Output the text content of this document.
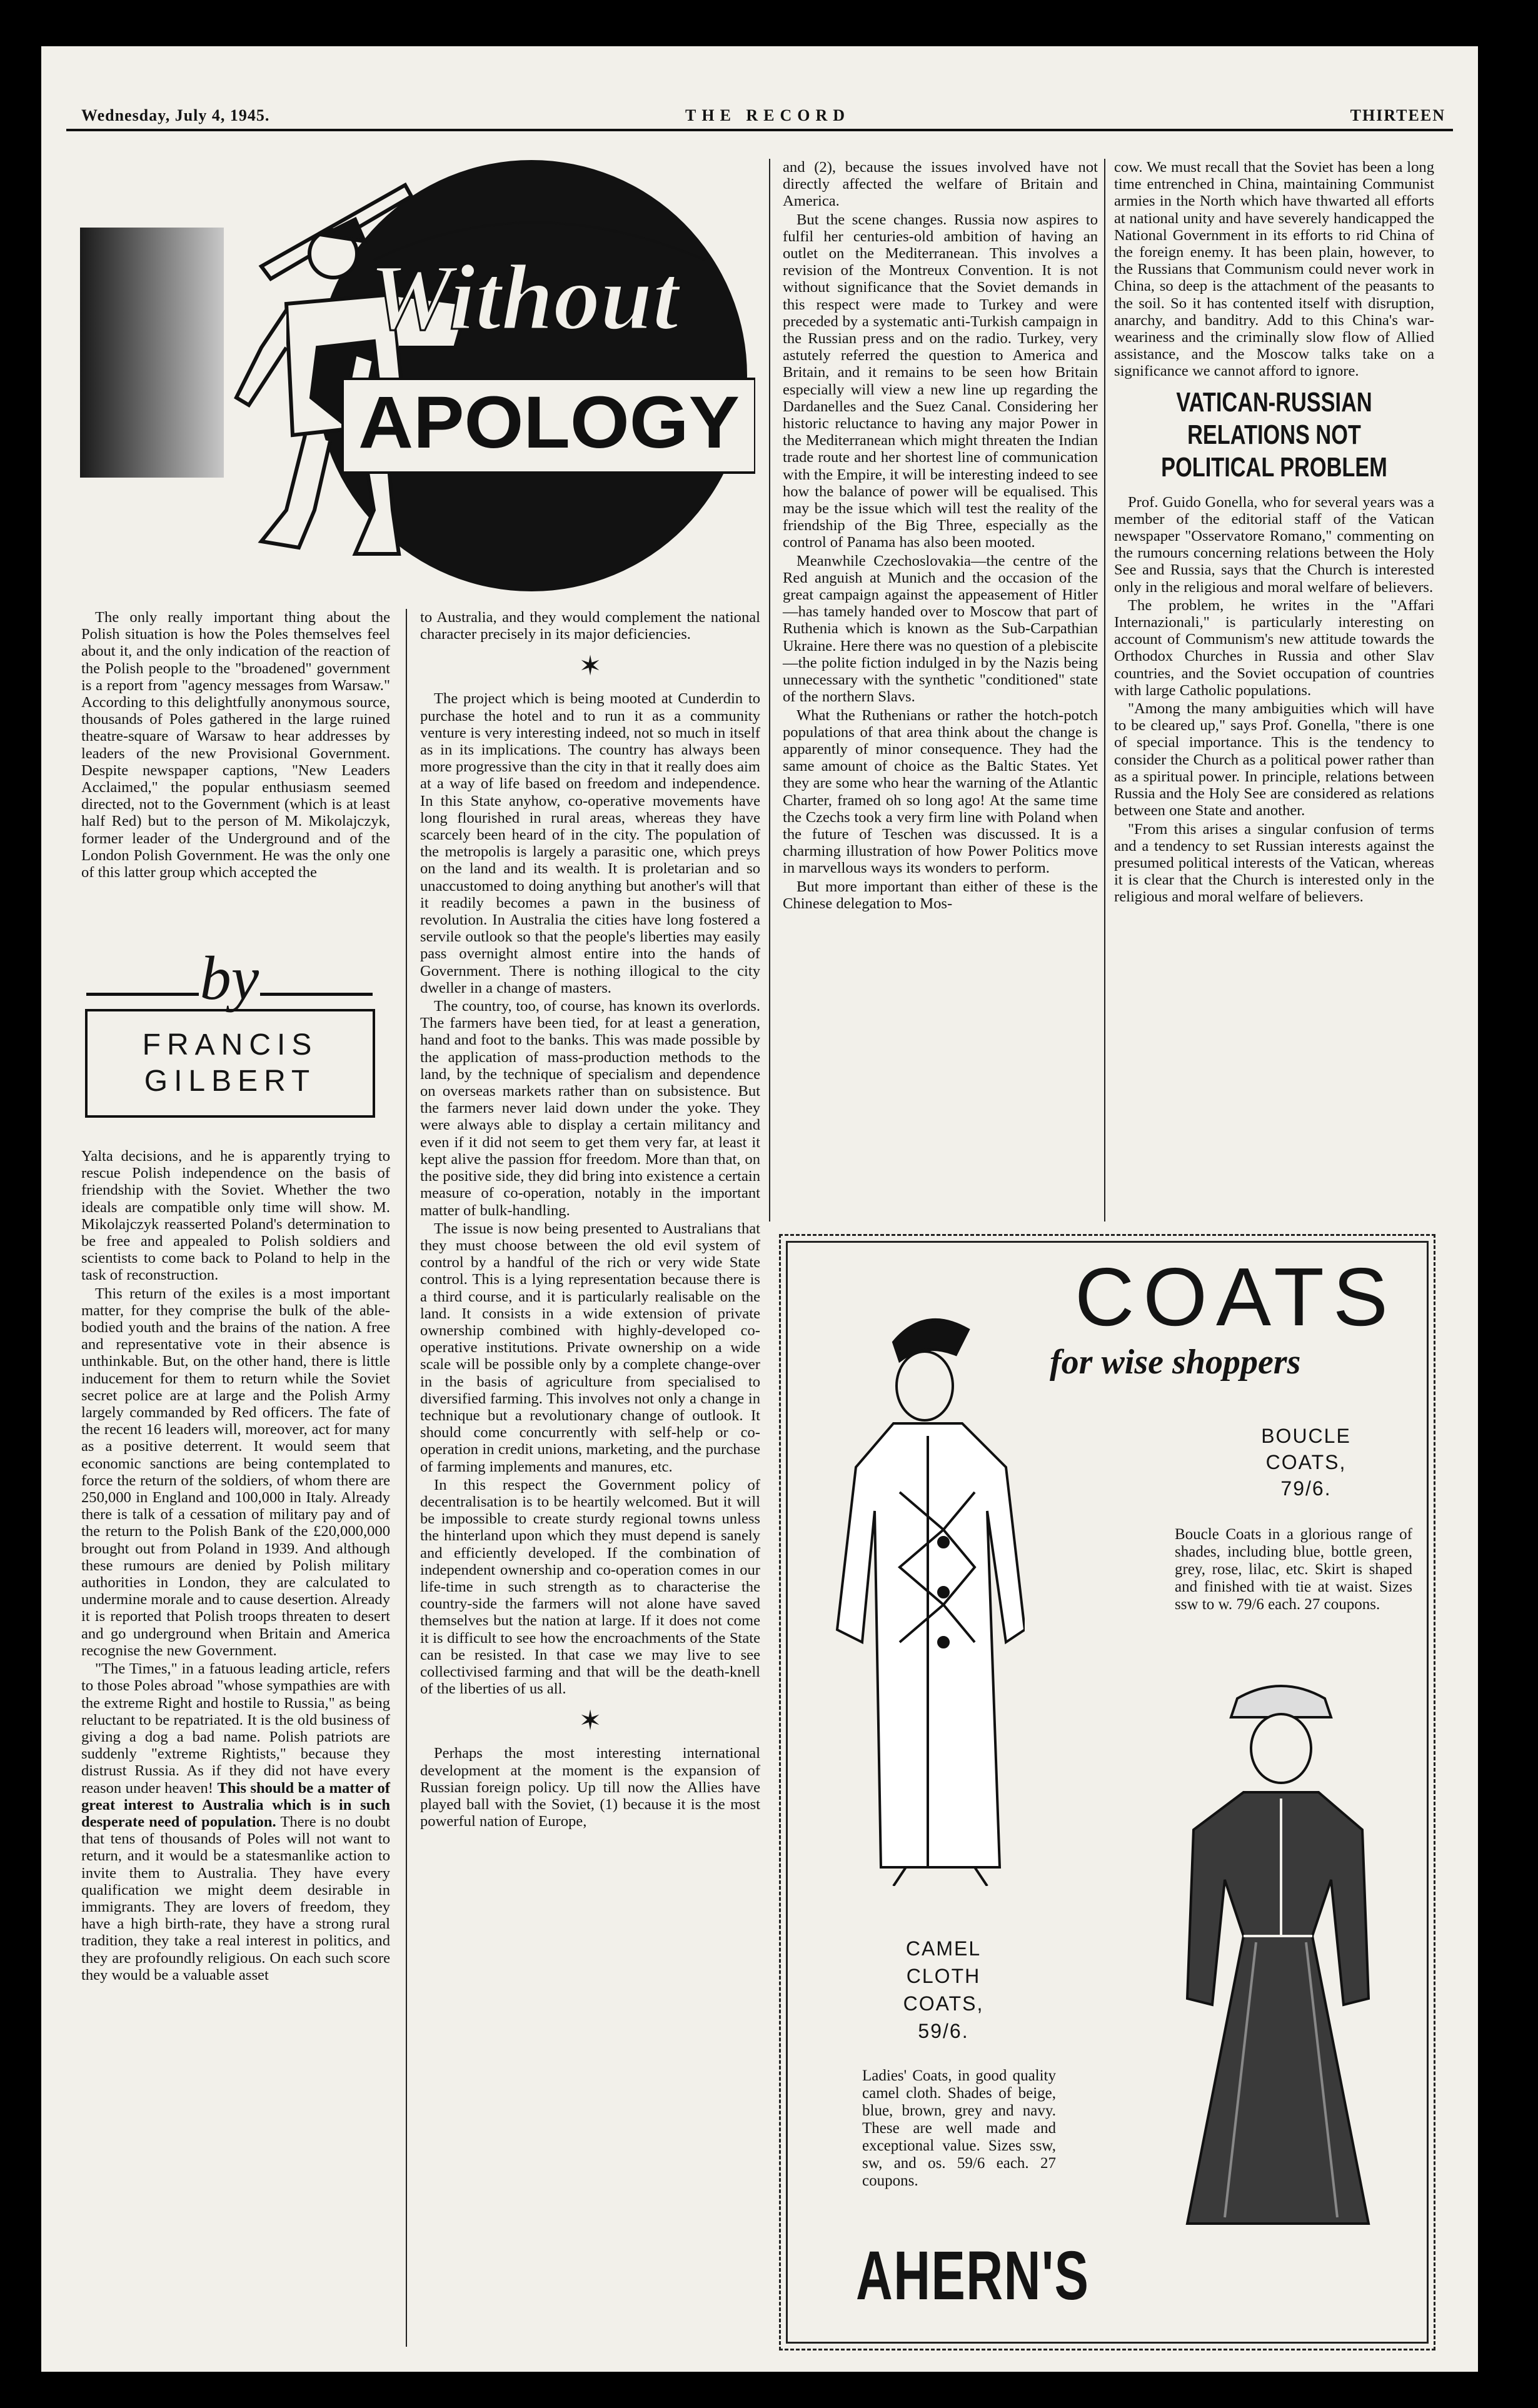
Wednesday, July 4, 1945.	THE RECORD	THIRTEEN
Without
APOLOGY

The only really important thing about the Polish situation is how the Poles themselves feel about it, and the only indication of the reaction of the Polish people to the "broadened" government is a report from "agency messages from Warsaw." According to this delightfully anonymous source, thousands of Poles gathered in the large ruined theatre-square of Warsaw to hear addresses by leaders of the new Provisional Government. Despite newspaper captions, "New Leaders Acclaimed," the popular enthusiasm seemed directed, not to the Government (which is at least half Red) but to the person of M. Mikolajczyk, former leader of the Underground and of the London Polish Government. He was the only one of this latter group which accepted the

by
FRANCIS
GILBERT

Yalta decisions, and he is apparently trying to rescue Polish independence on the basis of friendship with the Soviet. Whether the two ideals are compatible only time will show. M. Mikolajczyk reasserted Poland's determination to be free and appealed to Polish soldiers and scientists to come back to Poland to help in the task of reconstruction.

This return of the exiles is a most important matter, for they comprise the bulk of the able-bodied youth and the brains of the nation. A free and representative vote in their absence is unthinkable. But, on the other hand, there is little inducement for them to return while the Soviet secret police are at large and the Polish Army largely commanded by Red officers. The fate of the recent 16 leaders will, moreover, act for many as a positive deterrent. It would seem that economic sanctions are being contemplated to force the return of the soldiers, of whom there are 250,000 in England and 100,000 in Italy. Already there is talk of a cessation of military pay and of the return to the Polish Bank of the £20,000,000 brought out from Poland in 1939. And although these rumours are denied by Polish military authorities in London, they are calculated to undermine morale and to cause desertion. Already it is reported that Polish troops threaten to desert and go underground when Britain and America recognise the new Government.

"The Times," in a fatuous leading article, refers to those Poles abroad "whose sympathies are with the extreme Right and hostile to Russia," as being reluctant to be repatriated. It is the old business of giving a dog a bad name. Polish patriots are suddenly "extreme Rightists," because they distrust Russia. As if they did not have every reason under heaven! This should be a matter of great interest to Australia which is in such desperate need of population. There is no doubt that tens of thousands of Poles will not want to return, and it would be a statesmanlike action to invite them to Australia. They have every qualification we might deem desirable in immigrants. They are lovers of freedom, they have a high birth-rate, they have a strong rural tradition, they take a real interest in politics, and they are profoundly religious. On each such score they would be a valuable asset

to Australia, and they would complement the national character precisely in its major deficiencies.

✶

The project which is being mooted at Cunderdin to purchase the hotel and to run it as a community venture is very interesting indeed, not so much in itself as in its implications. The country has always been more progressive than the city in that it really does aim at a way of life based on freedom and independence. In this State anyhow, co-operative movements have long flourished in rural areas, whereas they have scarcely been heard of in the city. The population of the metropolis is largely a parasitic one, which preys on the land and its wealth. It is proletarian and so unaccustomed to doing anything but another's will that it readily becomes a pawn in the business of revolution. In Australia the cities have long fostered a servile outlook so that the people's liberties may easily pass overnight almost entire into the hands of Government. There is nothing illogical to the city dweller in a change of masters.

The country, too, of course, has known its overlords. The farmers have been tied, for at least a generation, hand and foot to the banks. This was made possible by the application of mass-production methods to the land, by the technique of specialism and dependence on overseas markets rather than on subsistence. But the farmers never laid down under the yoke. They were always able to display a certain militancy and even if it did not seem to get them very far, at least it kept alive the passion ffor freedom. More than that, on the positive side, they did bring into existence a certain measure of co-operation, notably in the important matter of bulk-handling.

The issue is now being presented to Australians that they must choose between the old evil system of control by a handful of the rich or very wide State control. This is a lying representation because there is a third course, and it is particularly realisable on the land. It consists in a wide extension of private ownership combined with highly-developed co-operative institutions. Private ownership on a wide scale will be possible only by a complete change-over in the basis of agriculture from specialised to diversified farming. This involves not only a change in technique but a revolutionary change of outlook. It should come concurrently with self-help or co-operation in credit unions, marketing, and the purchase of farming implements and manures, etc.

In this respect the Government policy of decentralisation is to be heartily welcomed. But it will be impossible to create sturdy regional towns unless the hinterland upon which they must depend is sanely and efficiently developed. If the combination of independent ownership and co-operation comes in our life-time in such strength as to characterise the country-side the farmers will not alone have saved themselves but the nation at large. If it does not come it is difficult to see how the encroachments of the State can be resisted. In that case we may live to see collectivised farming and that will be the death-knell of the liberties of us all.

✶

Perhaps the most interesting international development at the moment is the expansion of Russian foreign policy. Up till now the Allies have played ball with the Soviet, (1) because it is the most powerful nation of Europe,

and (2), because the issues involved have not directly affected the welfare of Britain and America.

But the scene changes. Russia now aspires to fulfil her centuries-old ambition of having an outlet on the Mediterranean. This involves a revision of the Montreux Convention. It is not without significance that the Soviet demands in this respect were made to Turkey and were preceded by a systematic anti-Turkish campaign in the Russian press and on the radio. Turkey, very astutely referred the question to America and Britain, and it remains to be seen how Britain especially will view a new line up regarding the Dardanelles and the Suez Canal. Considering her historic reluctance to having any major Power in the Mediterranean which might threaten the Indian trade route and her shortest line of communication with the Empire, it will be interesting indeed to see how the balance of power will be equalised. This may be the issue which will test the reality of the friendship of the Big Three, especially as the control of Panama has also been mooted.

Meanwhile Czechoslovakia—the centre of the Red anguish at Munich and the occasion of the great campaign against the appeasement of Hitler—has tamely handed over to Moscow that part of Ruthenia which is known as the Sub-Carpathian Ukraine. Here there was no question of a plebiscite—the polite fiction indulged in by the Nazis being unnecessary with the synthetic "conditioned" state of the northern Slavs.

What the Ruthenians or rather the hotch-potch populations of that area think about the change is apparently of minor consequence. They had the same amount of choice as the Baltic States. Yet they are some who hear the warning of the Atlantic Charter, framed oh so long ago! At the same time the Czechs took a very firm line with Poland when the future of Teschen was discussed. It is a charming illustration of how Power Politics move in marvellous ways its wonders to perform.

But more important than either of these is the Chinese delegation to Mos-

cow. We must recall that the Soviet has been a long time entrenched in China, maintaining Communist armies in the North which have thwarted all efforts at national unity and have severely handicapped the National Government in its efforts to rid China of the foreign enemy. It has been plain, however, to the Russians that Communism could never work in China, so deep is the attachment of the peasants to the soil. So it has contented itself with disruption, anarchy, and banditry. Add to this China's war-weariness and the criminally slow flow of Allied assistance, and the Moscow talks take on a significance we cannot afford to ignore.

VATICAN-RUSSIAN RELATIONS NOT POLITICAL PROBLEM

Prof. Guido Gonella, who for several years was a member of the editorial staff of the Vatican newspaper "Osservatore Romano," commenting on the rumours concerning relations between the Holy See and Russia, says that the Church is interested only in the religious and moral welfare of believers.

The problem, he writes in the "Affari Internazionali," is particularly interesting on account of Communism's new attitude towards the Orthodox Churches in Russia and other Slav countries, and the Soviet occupation of countries with large Catholic populations.

"Among the many ambiguities which will have to be cleared up," says Prof. Gonella, "there is one of special importance. This is the tendency to consider the Church as a political power rather than as a spiritual power. In principle, relations between Russia and the Holy See are considered as relations between one State and another.

"From this arises a singular confusion of terms and a tendency to set Russian interests against the presumed political interests of the Vatican, whereas it is clear that the Church is interested only in the religious and moral welfare of believers.

COATS
for wise shoppers
BOUCLE
COATS,
79/6.
Boucle Coats in a glorious range of shades, including blue, bottle green, grey, rose, lilac, etc. Skirt is shaped and finished with tie at waist. Sizes ssw to w. 79/6 each. 27 coupons.
CAMEL
CLOTH
COATS,
59/6.
Ladies' Coats, in good quality camel cloth. Shades of beige, blue, brown, grey and navy. These are well made and exceptional value. Sizes ssw, sw, and os. 59/6 each. 27 coupons.
AHERN'S
